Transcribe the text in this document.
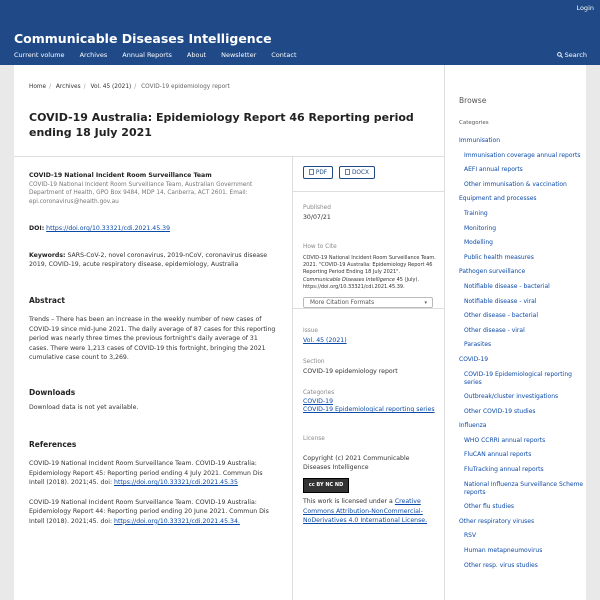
Login
Communicable Diseases Intelligence
Current volume Archives Annual Reports About Newsletter Contact	Search
Home / Archives / Vol. 45 (2021) / COVID-19 epidemiology report
COVID-19 Australia: Epidemiology Report 46 Reporting period ending 18 July 2021
COVID-19 National Incident Room Surveillance Team
COVID-19 National Incident Room Surveillance Team, Australian Government Department of Health, GPO Box 9484, MDP 14, Canberra, ACT 2601. Email: epi.coronavirus@health.gov.au
DOI: https://doi.org/10.33321/cdi.2021.45.39
Keywords: SARS-CoV-2, novel coronavirus, 2019-nCoV, coronavirus disease 2019, COVID-19, acute respiratory disease, epidemiology, Australia
Abstract
Trends – There has been an increase in the weekly number of new cases of COVID-19 since mid-June 2021. The daily average of 87 cases for this reporting period was nearly three times the previous fortnight's daily average of 31 cases. There were 1,213 cases of COVID-19 this fortnight, bringing the 2021 cumulative case count to 3,269.
Downloads
Download data is not yet available.
References
COVID-19 National Incident Room Surveillance Team. COVID-19 Australia: Epidemiology Report 45: Reporting period ending 4 July 2021. Commun Dis Intell (2018). 2021;45. doi: https://doi.org/10.33321/cdi.2021.45.35
COVID-19 National Incident Room Surveillance Team. COVID-19 Australia: Epidemiology Report 44: Reporting period ending 20 June 2021. Commun Dis Intell (2018). 2021;45. doi: https://doi.org/10.33321/cdi.2021.45.34.
PDF	DOCX
Published
30/07/21
How to Cite
COVID-19 National Incident Room Surveillance Team. 2021. "COVID-19 Australia: Epidemiology Report 46 Reporting Period Ending 18 July 2021". Communicable Diseases Intelligence 45 (July). https://doi.org/10.33321/cdi.2021.45.39.
More Citation Formats	▾
Issue
Vol. 45 (2021)
Section
COVID-19 epidemiology report
Categories
COVID-19
COVID-19 Epidemiological reporting series
License
Copyright (c) 2021 Communicable Diseases Intelligence
cc BY NC ND
This work is licensed under a Creative Commons Attribution-NonCommercial-NoDerivatives 4.0 International License.
Browse
Categories
Immunisation
Immunisation coverage annual reports
AEFI annual reports
Other immunisation & vaccination
Equipment and processes
Training
Monitoring
Modelling
Public health measures
Pathogen surveillance
Notifiable disease - bacterial
Notifiable disease - viral
Other disease - bacterial
Other disease - viral
Parasites
COVID-19
COVID-19 Epidemiological reporting series
Outbreak/cluster investigations
Other COVID-19 studies
Influenza
WHO CCRRI annual reports
FluCAN annual reports
FluTracking annual reports
National Influenza Surveillance Scheme reports
Other flu studies
Other respiratory viruses
RSV
Human metapneumovirus
Other resp. virus studies
